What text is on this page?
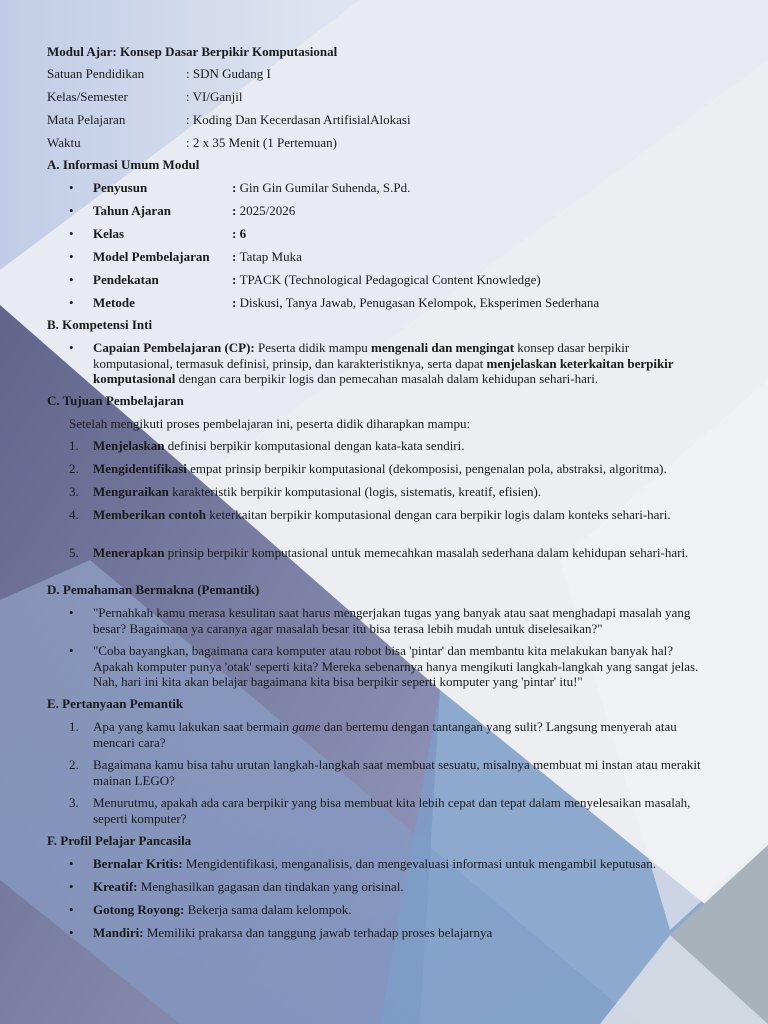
Modul Ajar: Konsep Dasar Berpikir Komputasional
Satuan Pendidikan	: SDN Gudang I
Kelas/Semester	: VI/Ganjil
Mata Pelajaran	: Koding Dan Kecerdasan ArtifisialAlokasi
Waktu	: 2 x 35 Menit (1 Pertemuan)
A. Informasi Umum Modul
• Penyusun	: Gin Gin Gumilar Suhenda, S.Pd.
• Tahun Ajaran	: 2025/2026
• Kelas	: 6
• Model Pembelajaran : Tatap Muka
• Pendekatan	: TPACK (Technological Pedagogical Content Knowledge)
• Metode	: Diskusi, Tanya Jawab, Penugasan Kelompok, Eksperimen Sederhana
B. Kompetensi Inti
• Capaian Pembelajaran (CP): Peserta didik mampu mengenali dan mengingat konsep dasar berpikir komputasional, termasuk definisi, prinsip, dan karakteristiknya, serta dapat menjelaskan keterkaitan berpikir komputasional dengan cara berpikir logis dan pemecahan masalah dalam kehidupan sehari-hari.
C. Tujuan Pembelajaran
Setelah mengikuti proses pembelajaran ini, peserta didik diharapkan mampu:
1. Menjelaskan definisi berpikir komputasional dengan kata-kata sendiri.
2. Mengidentifikasi empat prinsip berpikir komputasional (dekomposisi, pengenalan pola, abstraksi, algoritma).
3. Menguraikan karakteristik berpikir komputasional (logis, sistematis, kreatif, efisien).
4. Memberikan contoh keterkaitan berpikir komputasional dengan cara berpikir logis dalam konteks sehari-hari.
5. Menerapkan prinsip berpikir komputasional untuk memecahkan masalah sederhana dalam kehidupan sehari-hari.
D. Pemahaman Bermakna (Pemantik)
• "Pernahkah kamu merasa kesulitan saat harus mengerjakan tugas yang banyak atau saat menghadapi masalah yang besar? Bagaimana ya caranya agar masalah besar itu bisa terasa lebih mudah untuk diselesaikan?"
• "Coba bayangkan, bagaimana cara komputer atau robot bisa 'pintar' dan membantu kita melakukan banyak hal? Apakah komputer punya 'otak' seperti kita? Mereka sebenarnya hanya mengikuti langkah-langkah yang sangat jelas. Nah, hari ini kita akan belajar bagaimana kita bisa berpikir seperti komputer yang 'pintar' itu!"
E. Pertanyaan Pemantik
1. Apa yang kamu lakukan saat bermain game dan bertemu dengan tantangan yang sulit? Langsung menyerah atau mencari cara?
2. Bagaimana kamu bisa tahu urutan langkah-langkah saat membuat sesuatu, misalnya membuat mi instan atau merakit mainan LEGO?
3. Menurutmu, apakah ada cara berpikir yang bisa membuat kita lebih cepat dan tepat dalam menyelesaikan masalah, seperti komputer?
F. Profil Pelajar Pancasila
• Bernalar Kritis: Mengidentifikasi, menganalisis, dan mengevaluasi informasi untuk mengambil keputusan.
• Kreatif: Menghasilkan gagasan dan tindakan yang orisinal.
• Gotong Royong: Bekerja sama dalam kelompok.
• Mandiri: Memiliki prakarsa dan tanggung jawab terhadap proses belajarnya
